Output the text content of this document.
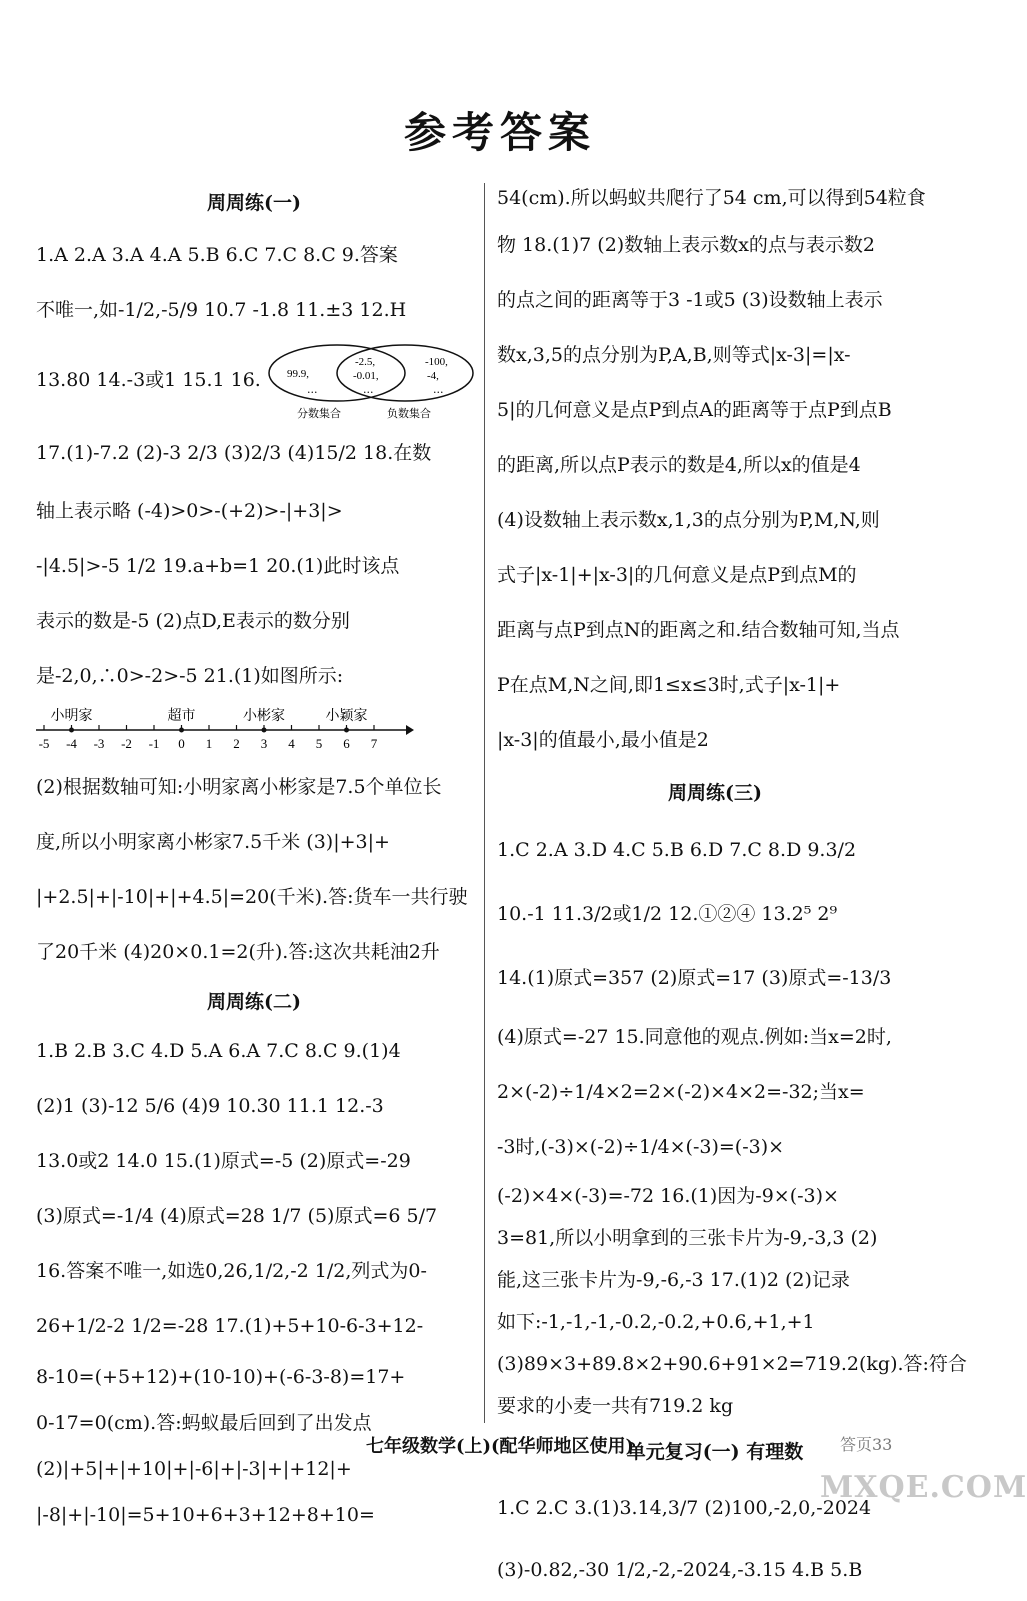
参考答案
周周练(一)
1.A 2.A 3.A 4.A 5.B 6.C 7.C 8.C 9.答案
不唯一,如-1/2,-5/9 10.7 -1.8 11.±3 12.H
13.80 14.-3或1 15.1 16. 99.9,
-2.5,
-0.01,
...
-100,
-4,
...	...
分数集合	负数集合
17.(1)-7.2 (2)-3 2/3 (3)2/3 (4)15/2 18.在数
轴上表示略 (-4)>0>-(+2)>-|+3|>
-|4.5|>-5 1/2 19.a+b=1 20.(1)此时该点
表示的数是-5 (2)点D,E表示的数分别
是-2,0,∴0>-2>-5 21.(1)如图所示:
-5 -4 -3 -2 -1 0 1 2 3 4 5 6 7
小明家	超市	小彬家	小颖家
(2)根据数轴可知:小明家离小彬家是7.5个单位长
度,所以小明家离小彬家7.5千米 (3)|+3|+
|+2.5|+|-10|+|+4.5|=20(千米).答:货车一共行驶
了20千米 (4)20×0.1=2(升).答:这次共耗油2升
周周练(二)
1.B 2.B 3.C 4.D 5.A 6.A 7.C 8.C 9.(1)4
(2)1 (3)-12 5/6 (4)9 10.30 11.1 12.-3
13.0或2 14.0 15.(1)原式=-5 (2)原式=-29
(3)原式=-1/4 (4)原式=28 1/7 (5)原式=6 5/7
16.答案不唯一,如选0,26,1/2,-2 1/2,列式为0-
26+1/2-2 1/2=-28 17.(1)+5+10-6-3+12-
8-10=(+5+12)+(10-10)+(-6-3-8)=17+
0-17=0(cm).答:蚂蚁最后回到了出发点
(2)|+5|+|+10|+|-6|+|-3|+|+12|+
|-8|+|-10|=5+10+6+3+12+8+10=
54(cm).所以蚂蚁共爬行了54 cm,可以得到54粒食
物 18.(1)7 (2)数轴上表示数x的点与表示数2
的点之间的距离等于3 -1或5 (3)设数轴上表示
数x,3,5的点分别为P,A,B,则等式|x-3|=|x-
5|的几何意义是点P到点A的距离等于点P到点B
的距离,所以点P表示的数是4,所以x的值是4
(4)设数轴上表示数x,1,3的点分别为P,M,N,则
式子|x-1|+|x-3|的几何意义是点P到点M的
距离与点P到点N的距离之和.结合数轴可知,当点
P在点M,N之间,即1≤x≤3时,式子|x-1|+
|x-3|的值最小,最小值是2
周周练(三)
1.C 2.A 3.D 4.C 5.B 6.D 7.C 8.D 9.3/2
10.-1 11.3/2或1/2 12.①②④ 13.2⁵ 2⁹
14.(1)原式=357 (2)原式=17 (3)原式=-13/3
(4)原式=-27 15.同意他的观点.例如:当x=2时,
2×(-2)÷1/4×2=2×(-2)×4×2=-32;当x=
-3时,(-3)×(-2)÷1/4×(-3)=(-3)×
(-2)×4×(-3)=-72 16.(1)因为-9×(-3)×
3=81,所以小明拿到的三张卡片为-9,-3,3 (2)
能,这三张卡片为-9,-6,-3 17.(1)2 (2)记录
如下:-1,-1,-1,-0.2,-0.2,+0.6,+1,+1
(3)89×3+89.8×2+90.6+91×2=719.2(kg).答:符合
要求的小麦一共有719.2 kg
单元复习(一) 有理数
1.C 2.C 3.(1)3.14,3/7 (2)100,-2,0,-2024
(3)-0.82,-30 1/2,-2,-2024,-3.15 4.B 5.B
七年级数学(上)(配华师地区使用)	答页33
MXQE.COM
